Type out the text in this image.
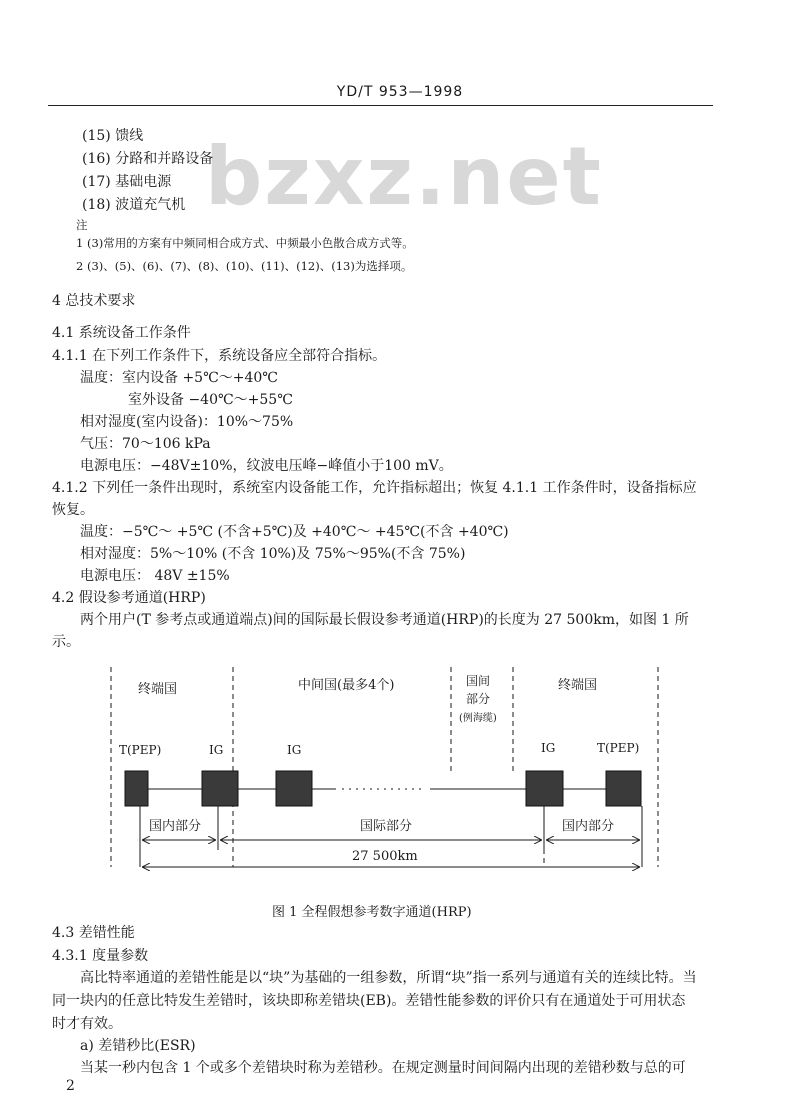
YD/T 953—1998
bzxz.net
(15) 馈线
(16) 分路和并路设备
(17) 基础电源
(18) 波道充气机
注
1 (3)常用的方案有中频同相合成方式、中频最小色散合成方式等。
2 (3)、(5)、(6)、(7)、(8)、(10)、(11)、(12)、(13)为选择项。
4 总技术要求
4.1 系统设备工作条件
4.1.1 在下列工作条件下，系统设备应全部符合指标。
温度：室内设备 +5℃～+40℃
室外设备 −40℃～+55℃
相对湿度(室内设备)：10%～75%
气压：70～106 kPa
电源电压：−48V±10%，纹波电压峰−峰值小于100 mV。
4.1.2 下列任一条件出现时，系统室内设备能工作，允许指标超出；恢复 4.1.1 工作条件时，设备指标应
恢复。
温度：−5℃～ +5℃ (不含+5℃)及 +40℃～ +45℃(不含 +40℃)
相对湿度：5%～10% (不含 10%)及 75%～95%(不含 75%)
电源电压： 48V ±15%
4.2 假设参考通道(HRP)
两个用户(T 参考点或通道端点)间的国际最长假设参考通道(HRP)的长度为 27 500km，如图 1 所
示。
终端国	中间国(最多4个)	国间
部分
(例海缆)
终端国
T(PEP)	IG	IG	IG	T(PEP)
国内部分	国际部分	国内部分
27 500km
图 1 全程假想参考数字通道(HRP)
4.3 差错性能
4.3.1 度量参数
高比特率通道的差错性能是以“块”为基础的一组参数，所谓“块”指一系列与通道有关的连续比特。当
同一块内的任意比特发生差错时，该块即称差错块(EB)。差错性能参数的评价只有在通道处于可用状态
时才有效。
a) 差错秒比(ESR)
当某一秒内包含 1 个或多个差错块时称为差错秒。在规定测量时间间隔内出现的差错秒数与总的可
2
